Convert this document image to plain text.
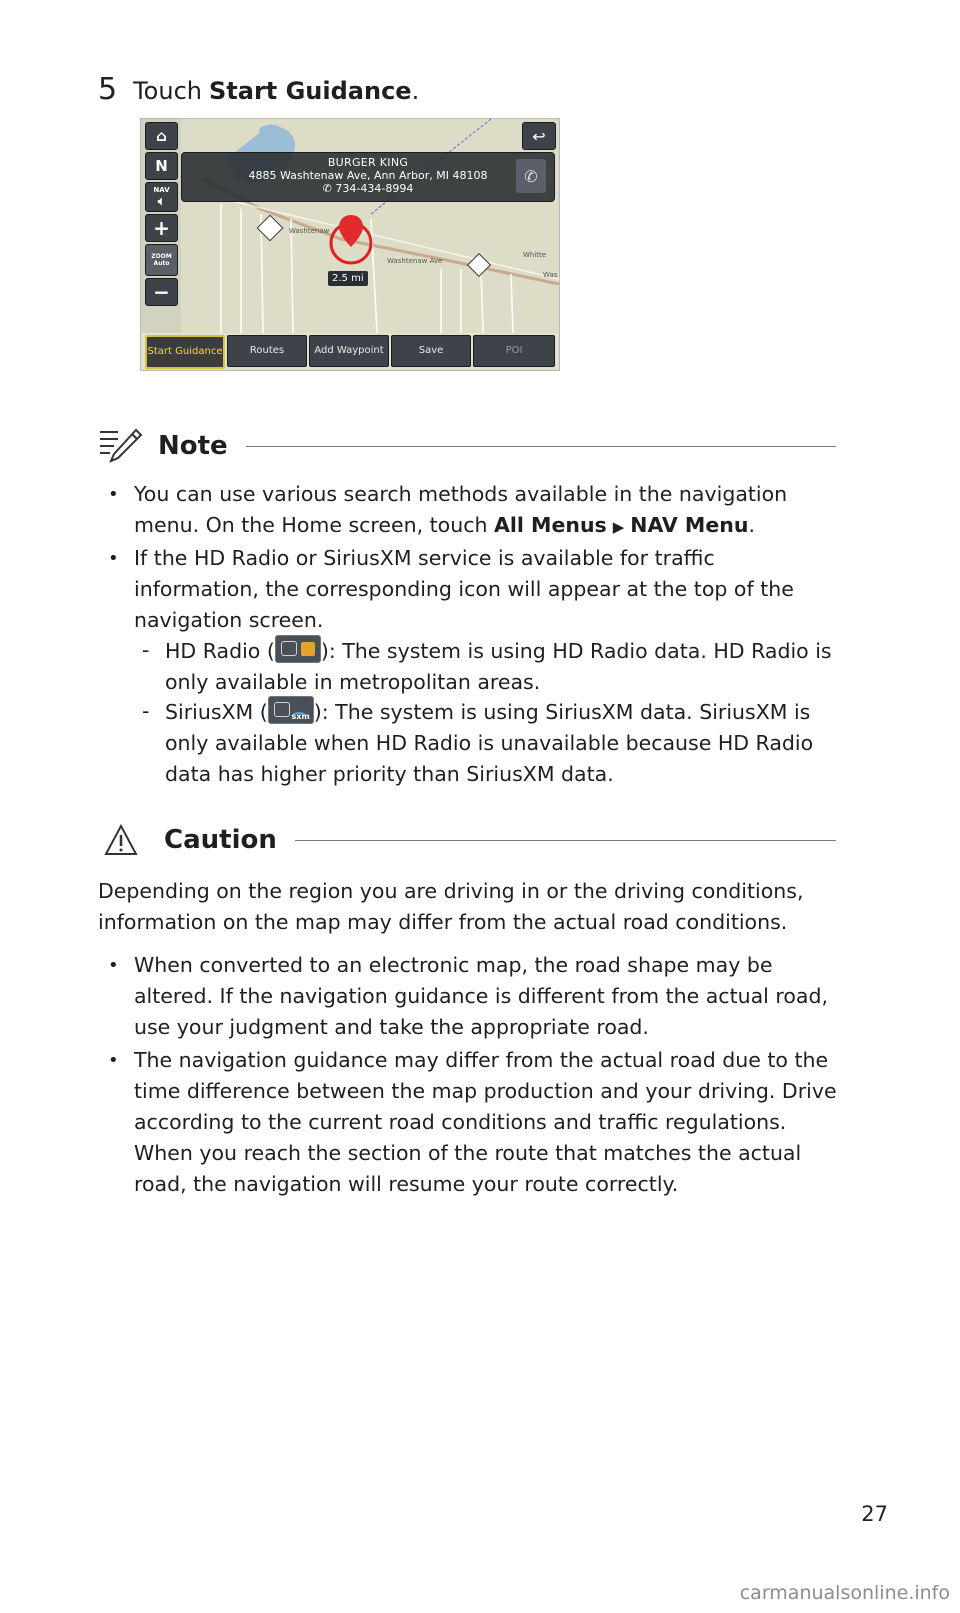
5 Touch Start Guidance .
Washtenaw
Washtenaw Ave
Whitte
Was
⌂
N
NAV
🔈︎
+
ZOOM
Auto
−
↩
BURGER KING
4885 Washtenaw Ave, Ann Arbor, MI 48108
✆ 734-434-8994
✆
2.5 mi
Start Guidance	Routes	Add Waypoint	Save	POI
Note
• You can use various search methods available in the navigation menu. On the Home screen, touch All Menus ▶ NAV Menu.
• If the HD Radio or SiriusXM service is available for traffic information, the corresponding icon will appear at the top of the navigation screen.
- HD Radio ( ): The system is using HD Radio data. HD Radio is only available in metropolitan areas.
- SiriusXM (	sxm ): The system is using SiriusXM data. SiriusXM is only available when HD Radio is unavailable because HD Radio data has higher priority than SiriusXM data.
Caution
Depending on the region you are driving in or the driving conditions, information on the map may differ from the actual road conditions.
• When converted to an electronic map, the road shape may be altered. If the navigation guidance is different from the actual road, use your judgment and take the appropriate road.
• The navigation guidance may differ from the actual road due to the time difference between the map production and your driving. Drive according to the current road conditions and traffic regulations. When you reach the section of the route that matches the actual road, the navigation will resume your route correctly.
27
carmanualsonline.info
